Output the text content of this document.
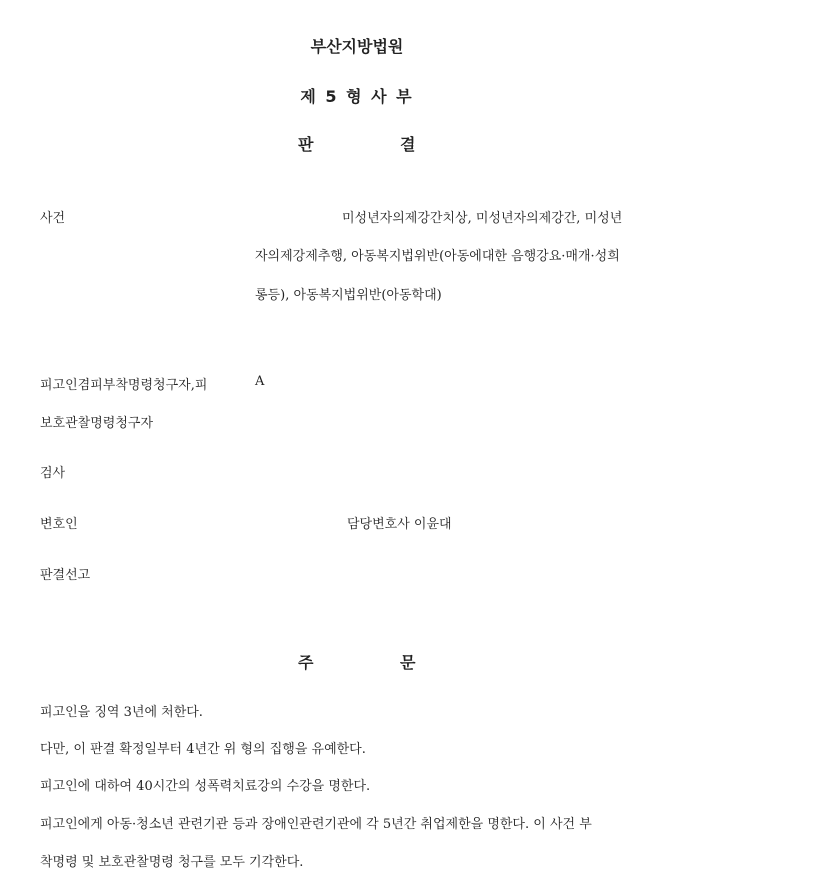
부산지방법원
제 5 형 사 부
판	결
사건	미성년자의제강간치상, 미성년자의제강간, 미성년
자의제강제추행, 아동복지법위반(아동에대한 음행강요·매개·성희
롱등), 아동복지법위반(아동학대)
피고인겸피부착명령청구자,피	A
보호관찰명령청구자
검사
변호인	담당변호사 이윤대
판결선고
주	문
피고인을 징역 3년에 처한다.
다만, 이 판결 확정일부터 4년간 위 형의 집행을 유예한다.
피고인에 대하여 40시간의 성폭력치료강의 수강을 명한다.
피고인에게 아동·청소년 관련기관 등과 장애인관련기관에 각 5년간 취업제한을 명한다. 이 사건 부
착명령 및 보호관찰명령 청구를 모두 기각한다.
